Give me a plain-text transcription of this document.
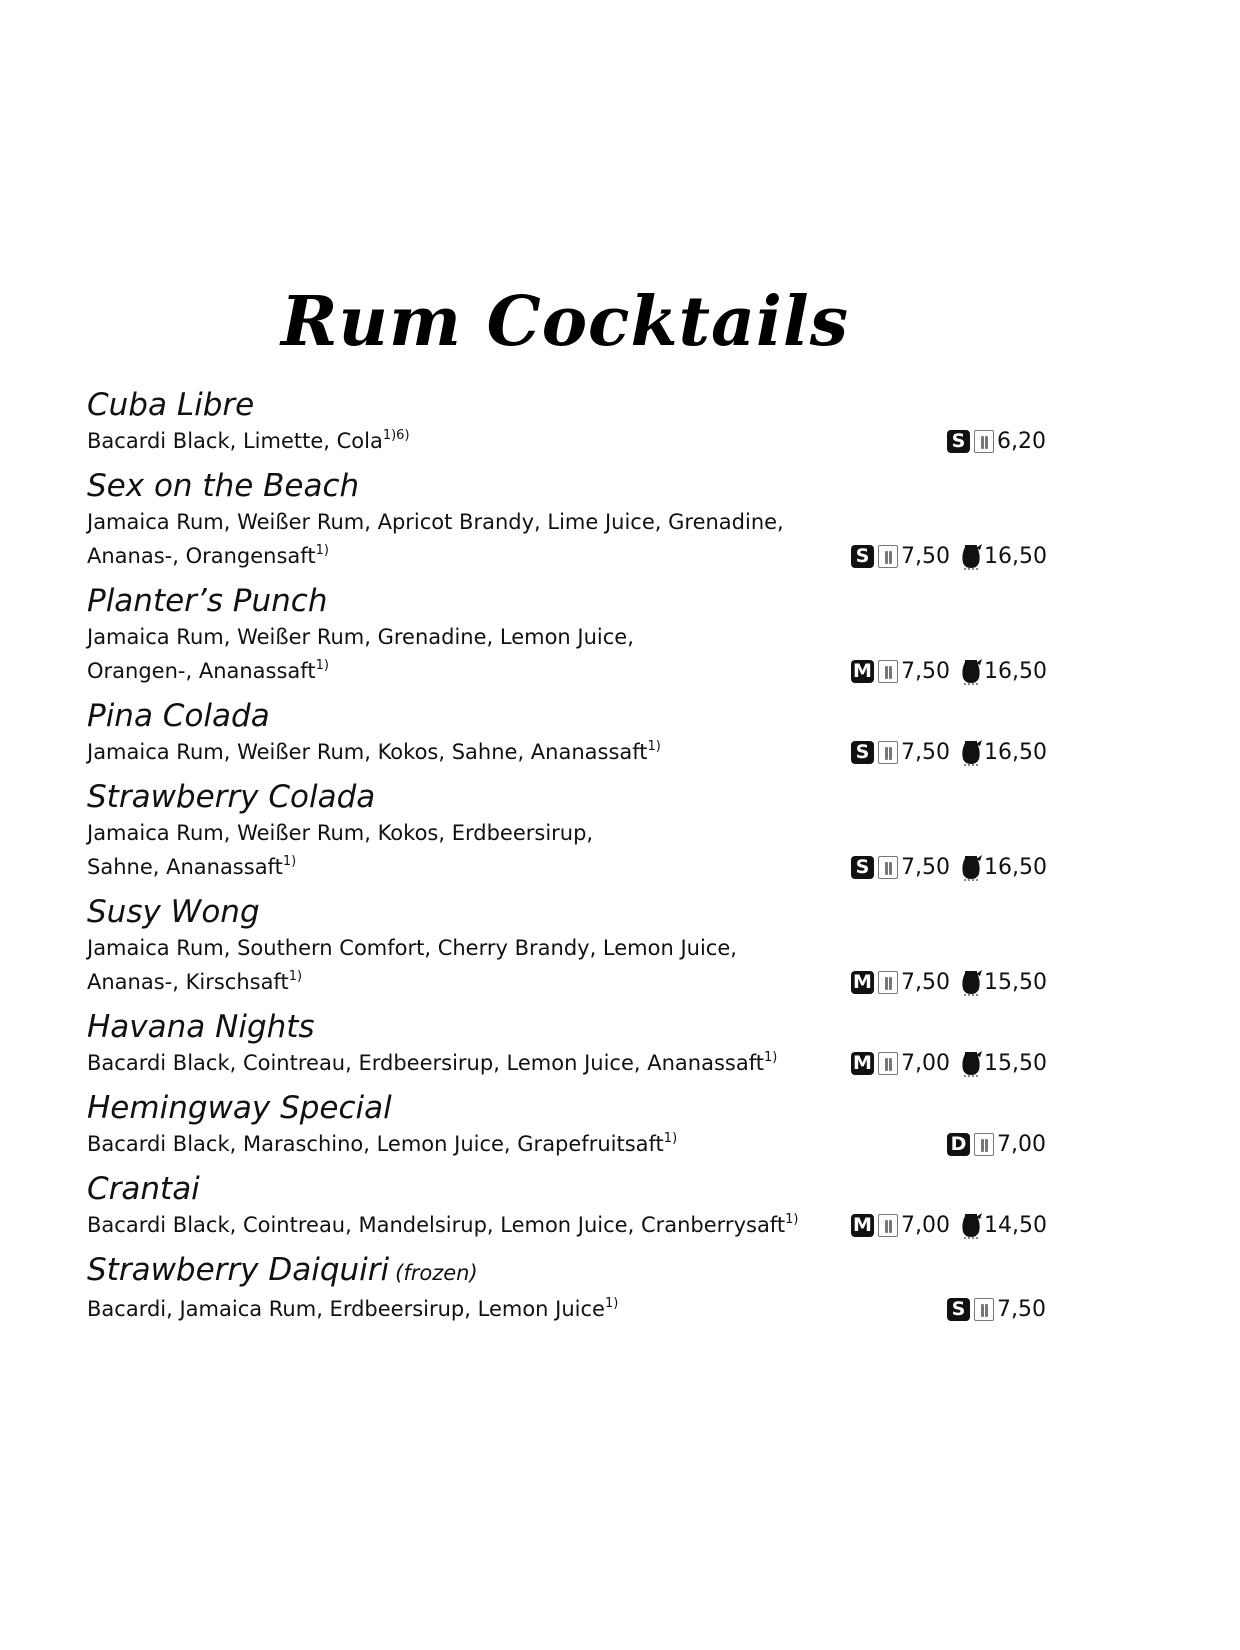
Rum Cocktails
Cuba Libre
Bacardi Black, Limette, Cola$^{1)6)}$	S 6,20
Sex on the Beach
Jamaica Rum, Weißer Rum, Apricot Brandy, Lime Juice, Grenadine,
Ananas-, Orangensaft$^{1)}$	S 7,50 16,50
Planter’s Punch
Jamaica Rum, Weißer Rum, Grenadine, Lemon Juice,
Orangen-, Ananassaft$^{1)}$	M 7,50 16,50
Pina Colada
Jamaica Rum, Weißer Rum, Kokos, Sahne, Ananassaft$^{1)}$	S 7,50 16,50
Strawberry Colada
Jamaica Rum, Weißer Rum, Kokos, Erdbeersirup,
Sahne, Ananassaft$^{1)}$	S 7,50 16,50
Susy Wong
Jamaica Rum, Southern Comfort, Cherry Brandy, Lemon Juice,
Ananas-, Kirschsaft$^{1)}$	M 7,50 15,50
Havana Nights
Bacardi Black, Cointreau, Erdbeersirup, Lemon Juice, Ananassaft$^{1)}$	M 7,00 15,50
Hemingway Special
Bacardi Black, Maraschino, Lemon Juice, Grapefruitsaft$^{1)}$	D 7,00
Crantai
Bacardi Black, Cointreau, Mandelsirup, Lemon Juice, Cranberrysaft$^{1)}$	M 7,00 14,50
Strawberry Daiquiri (frozen)
Bacardi, Jamaica Rum, Erdbeersirup, Lemon Juice$^{1)}$	S 7,50
